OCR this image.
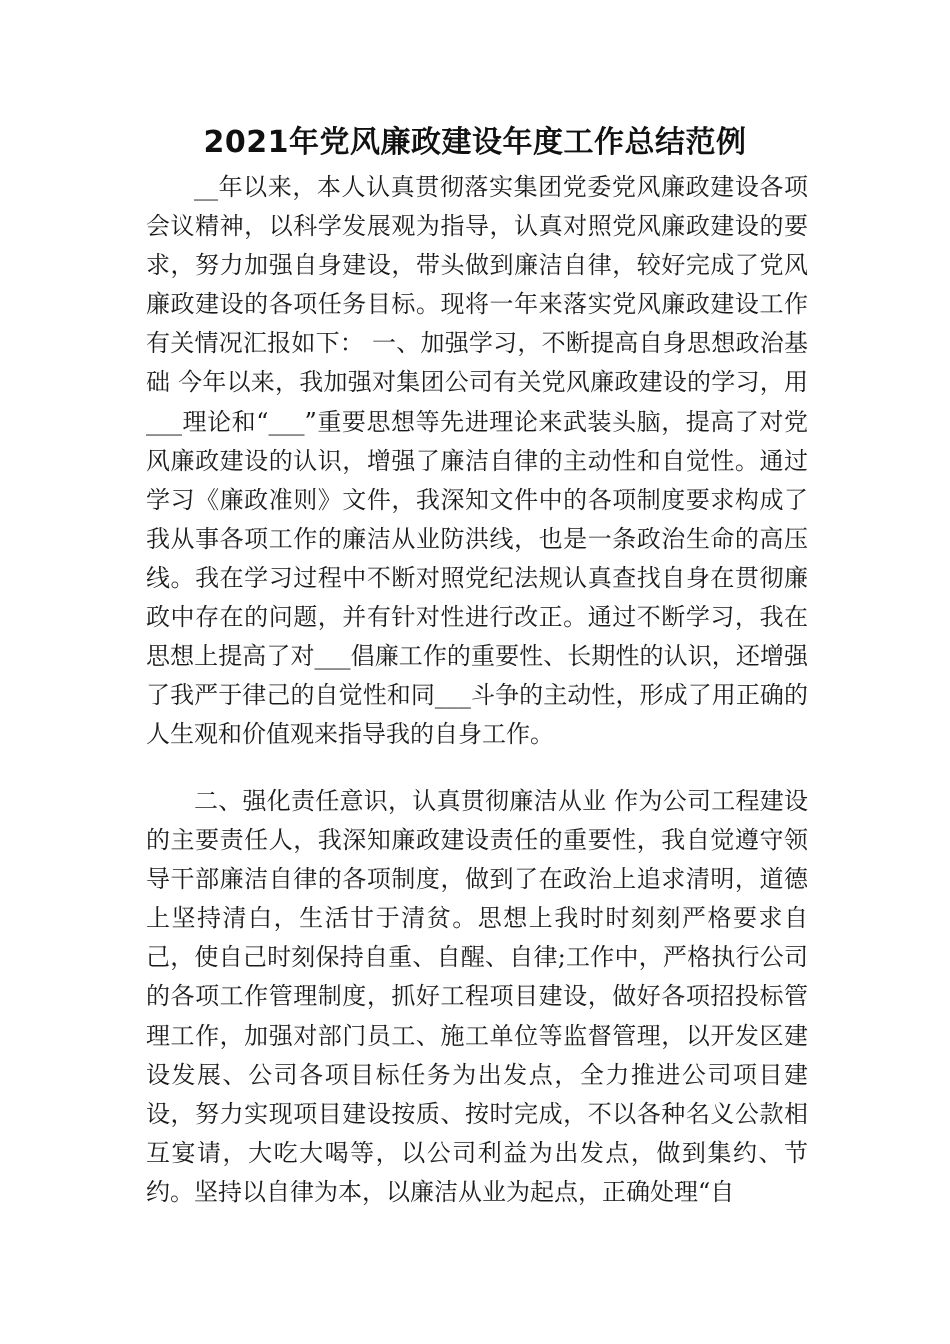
2021年党风廉政建设年度工作总结范例

__年以来，本人认真贯彻落实集团党委党风廉政建设各项会议精神，以科学发展观为指导，认真对照党风廉政建设的要求，努力加强自身建设，带头做到廉洁自律，较好完成了党风廉政建设的各项任务目标。现将一年来落实党风廉政建设工作有关情况汇报如下： 一、加强学习，不断提高自身思想政治基础 今年以来，我加强对集团公司有关党风廉政建设的学习，用___理论和“___”重要思想等先进理论来武装头脑，提高了对党风廉政建设的认识，增强了廉洁自律的主动性和自觉性。通过学习《廉政准则》文件，我深知文件中的各项制度要求构成了我从事各项工作的廉洁从业防洪线，也是一条政治生命的高压线。我在学习过程中不断对照党纪法规认真查找自身在贯彻廉政中存在的问题，并有针对性进行改正。通过不断学习，我在思想上提高了对___倡廉工作的重要性、长期性的认识，还增强了我严于律己的自觉性和同___斗争的主动性，形成了用正确的人生观和价值观来指导我的自身工作。

二、强化责任意识，认真贯彻廉洁从业 作为公司工程建设的主要责任人，我深知廉政建设责任的重要性，我自觉遵守领导干部廉洁自律的各项制度，做到了在政治上追求清明，道德上坚持清白，生活甘于清贫。思想上我时时刻刻严格要求自己，使自己时刻保持自重、自醒、自律;工作中，严格执行公司的各项工作管理制度，抓好工程项目建设，做好各项招投标管理工作，加强对部门员工、施工单位等监督管理，以开发区建设发展、公司各项目标任务为出发点，全力推进公司项目建设，努力实现项目建设按质、按时完成，不以各种名义公款相互宴请，大吃大喝等，以公司利益为出发点，做到集约、节约。坚持以自律为本，以廉洁从业为起点，正确处理“自
